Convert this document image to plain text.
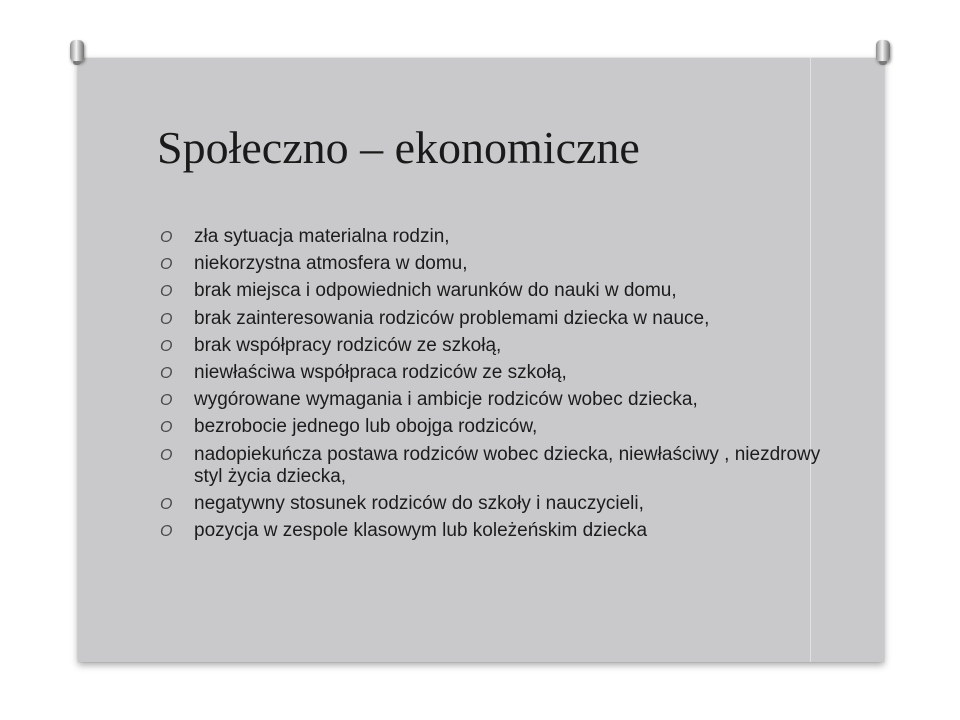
Społeczno – ekonomiczne
O zła sytuacja materialna rodzin,
O niekorzystna atmosfera w domu,
O brak miejsca i odpowiednich warunków do nauki w domu,
O brak zainteresowania rodziców problemami dziecka w nauce,
O brak współpracy rodziców ze szkołą,
O niewłaściwa współpraca rodziców ze szkołą,
O wygórowane wymagania i ambicje rodziców wobec dziecka,
O bezrobocie jednego lub obojga rodziców,
O nadopiekuńcza postawa rodziców wobec dziecka, niewłaściwy , niezdrowy styl życia dziecka,
O negatywny stosunek rodziców do szkoły i nauczycieli,
O pozycja w zespole klasowym lub koleżeńskim dziecka
